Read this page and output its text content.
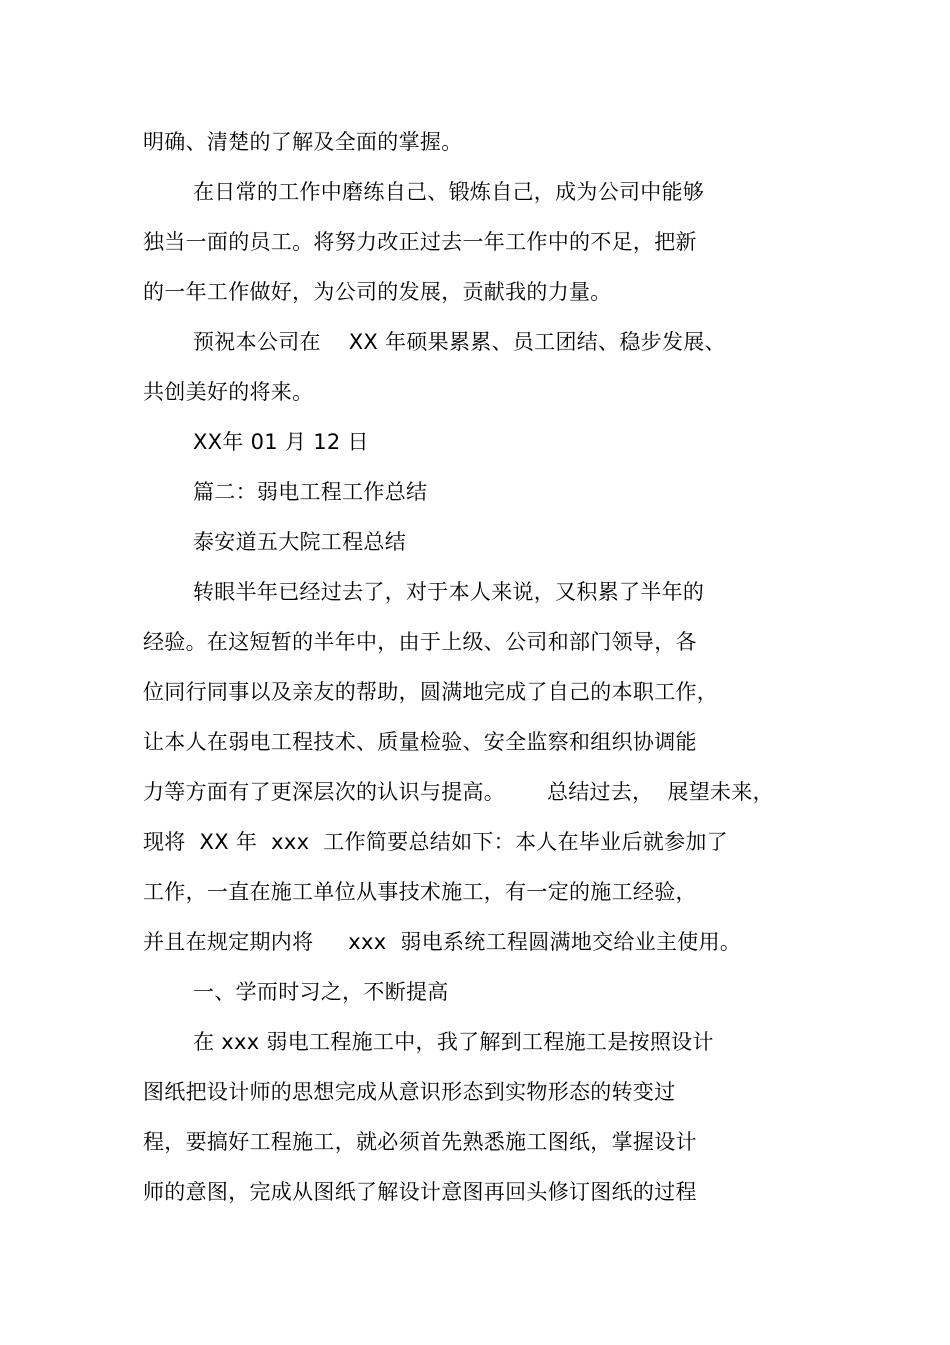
明确、清楚的了解及全面的掌握。
在日常的工作中磨练自己、锻炼自己，成为公司中能够
独当一面的员工。将努力改正过去一年工作中的不足，把新
的一年工作做好，为公司的发展，贡献我的力量。
预祝本公司在    XX 年硕果累累、员工团结、稳步发展、
共创美好的将来。
XX年 01 月 12 日
篇二：弱电工程工作总结
泰安道五大院工程总结
转眼半年已经过去了，对于本人来说，又积累了半年的
经验。在这短暂的半年中，由于上级、公司和部门领导，各
位同行同事以及亲友的帮助，圆满地完成了自己的本职工作，
让本人在弱电工程技术、质量检验、安全监察和组织协调能
力等方面有了更深层次的认识与提高。      总结过去，  展望未来，
现将  XX 年  xxx  工作简要总结如下：本人在毕业后就参加了
工作，一直在施工单位从事技术施工，有一定的施工经验，
并且在规定期内将     xxx  弱电系统工程圆满地交给业主使用。
一、学而时习之，不断提高
在 xxx 弱电工程施工中，我了解到工程施工是按照设计
图纸把设计师的思想完成从意识形态到实物形态的转变过
程，要搞好工程施工，就必须首先熟悉施工图纸，掌握设计
师的意图，完成从图纸了解设计意图再回头修订图纸的过程
